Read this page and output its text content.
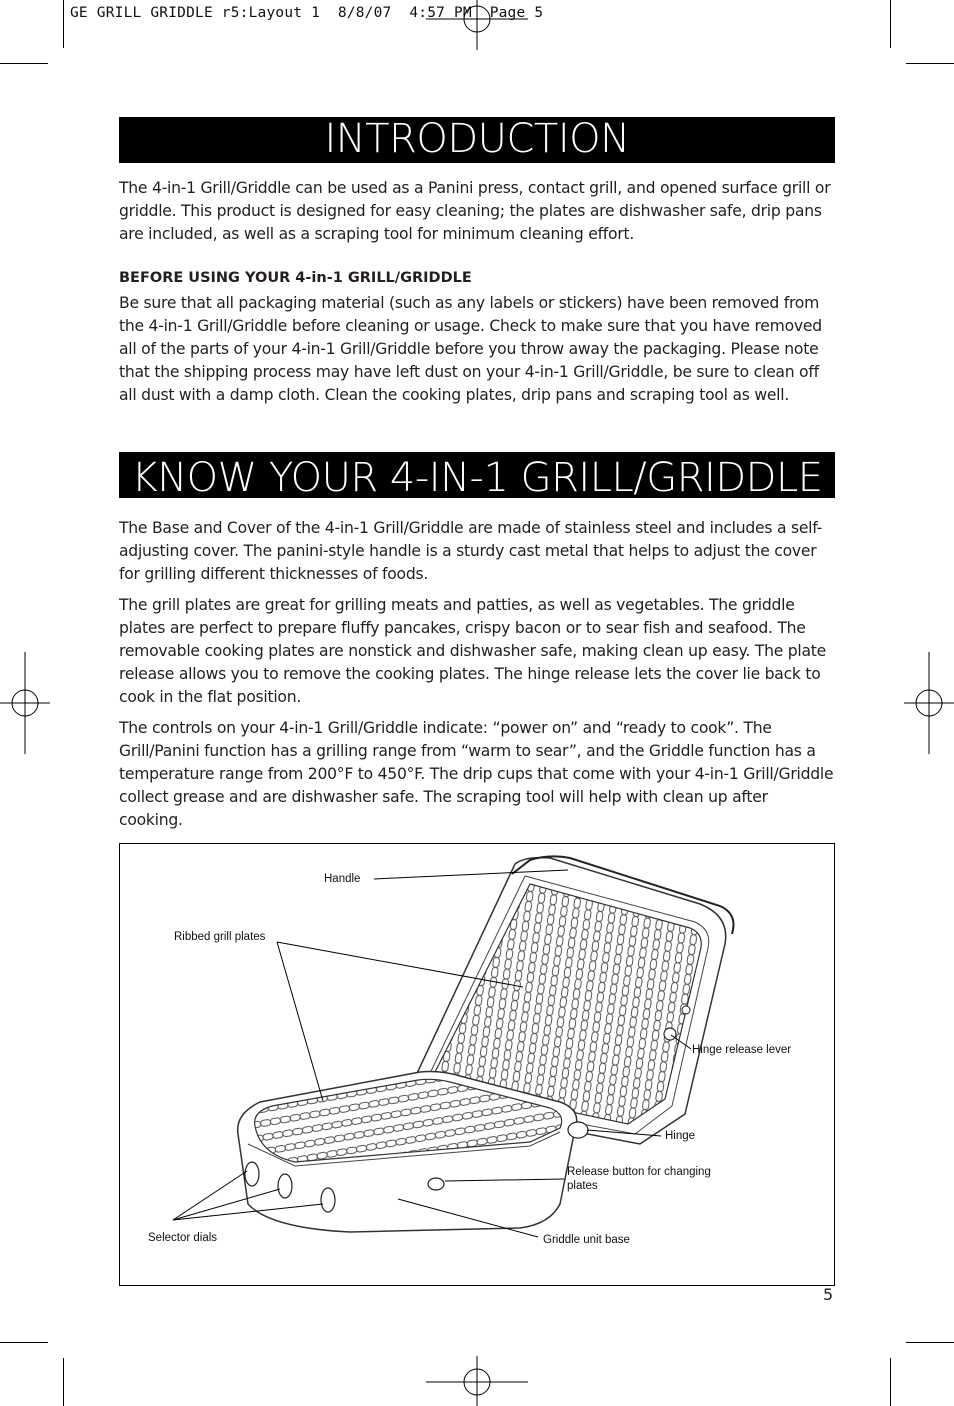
GE GRILL GRIDDLE r5:Layout 1  8/8/07  4:57 PM  Page 5
INTRODUCTION

The 4-in-1 Grill/Griddle can be used as a Panini press, contact grill, and opened surface grill or griddle. This product is designed for easy cleaning; the plates are dishwasher safe, drip pans are included, as well as a scraping tool for minimum cleaning effort.

BEFORE USING YOUR 4-in-1 GRILL/GRIDDLE

Be sure that all packaging material (such as any labels or stickers) have been removed from the 4-in-1 Grill/Griddle before cleaning or usage. Check to make sure that you have removed all of the parts of your 4-in-1 Grill/Griddle before you throw away the packaging. Please note that the shipping process may have left dust on your 4-in-1 Grill/Griddle, be sure to clean off all dust with a damp cloth. Clean the cooking plates, drip pans and scraping tool as well.

KNOW YOUR 4-IN-1 GRILL/GRIDDLE

The Base and Cover of the 4-in-1 Grill/Griddle are made of stainless steel and includes a self-adjusting cover. The panini-style handle is a sturdy cast metal that helps to adjust the cover for grilling different thicknesses of foods.

The grill plates are great for grilling meats and patties, as well as vegetables. The griddle plates are perfect to prepare fluffy pancakes, crispy bacon or to sear fish and seafood. The removable cooking plates are nonstick and dishwasher safe, making clean up easy. The plate release allows you to remove the cooking plates. The hinge release lets the cover lie back to cook in the flat position.

The controls on your 4-in-1 Grill/Griddle indicate: “power on” and “ready to cook”. The Grill/Panini function has a grilling range from “warm to sear”, and the Griddle function has a temperature range from 200°F to 450°F. The drip cups that come with your 4-in-1 Grill/Griddle collect grease and are dishwasher safe. The scraping tool will help with clean up after cooking.

Handle
Ribbed grill plates
Hinge release lever
Hinge
Release button for changing plates
Selector dials	Griddle unit base
5
